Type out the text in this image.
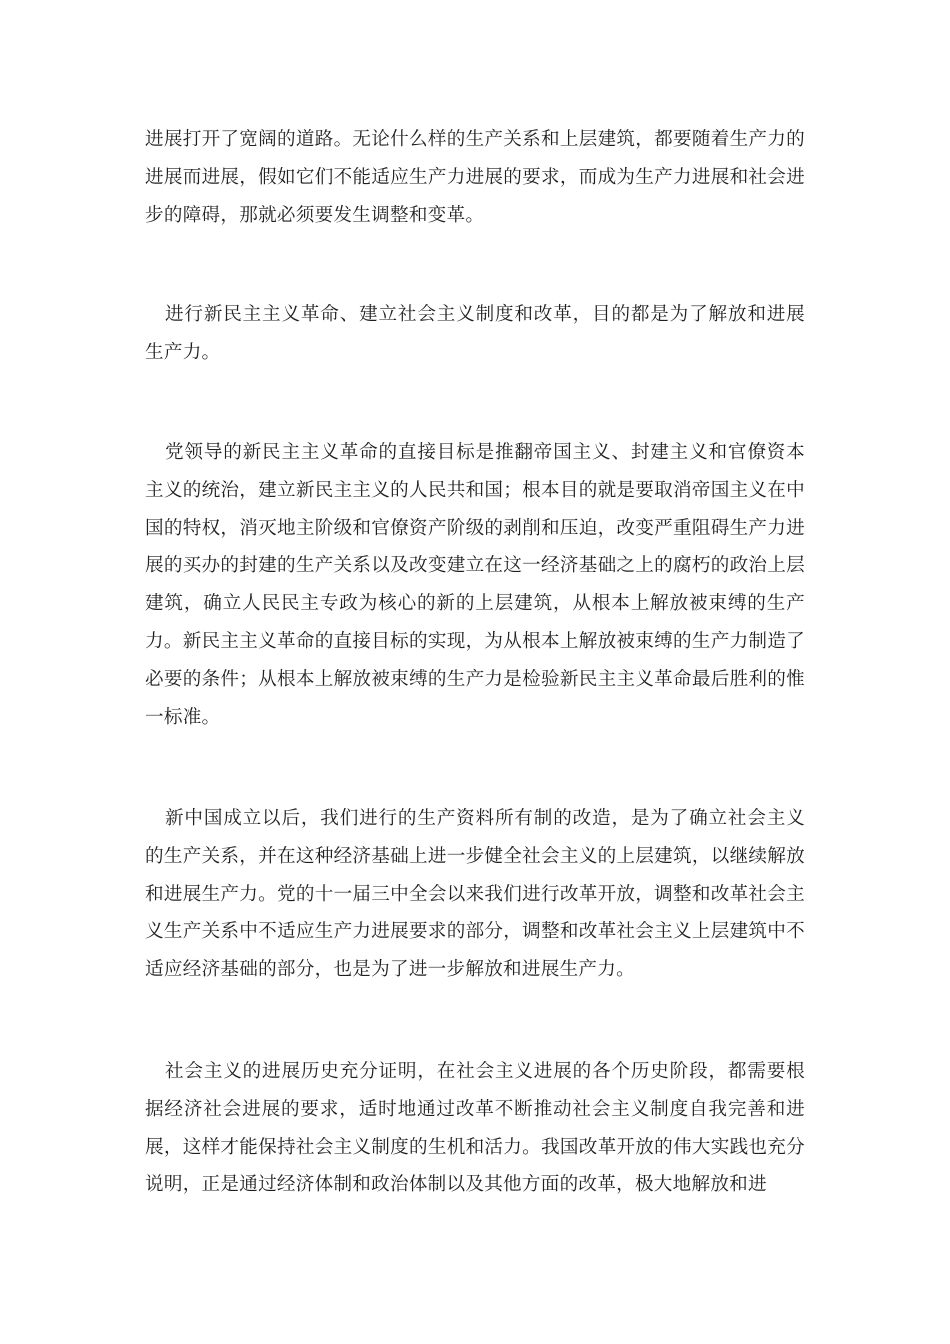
进展打开了宽阔的道路。无论什么样的生产关系和上层建筑，都要随着生产力的进展而进展，假如它们不能适应生产力进展的要求，而成为生产力进展和社会进步的障碍，那就必须要发生调整和变革。

进行新民主主义革命、建立社会主义制度和改革，目的都是为了解放和进展生产力。

党领导的新民主主义革命的直接目标是推翻帝国主义、封建主义和官僚资本主义的统治，建立新民主主义的人民共和国；根本目的就是要取消帝国主义在中国的特权，消灭地主阶级和官僚资产阶级的剥削和压迫，改变严重阻碍生产力进展的买办的封建的生产关系以及改变建立在这一经济基础之上的腐朽的政治上层建筑，确立人民民主专政为核心的新的上层建筑，从根本上解放被束缚的生产力。新民主主义革命的直接目标的实现，为从根本上解放被束缚的生产力制造了必要的条件；从根本上解放被束缚的生产力是检验新民主主义革命最后胜利的惟一标准。

新中国成立以后，我们进行的生产资料所有制的改造，是为了确立社会主义的生产关系，并在这种经济基础上进一步健全社会主义的上层建筑，以继续解放和进展生产力。党的十一届三中全会以来我们进行改革开放，调整和改革社会主义生产关系中不适应生产力进展要求的部分，调整和改革社会主义上层建筑中不适应经济基础的部分，也是为了进一步解放和进展生产力。

社会主义的进展历史充分证明，在社会主义进展的各个历史阶段，都需要根据经济社会进展的要求，适时地通过改革不断推动社会主义制度自我完善和进展，这样才能保持社会主义制度的生机和活力。我国改革开放的伟大实践也充分说明，正是通过经济体制和政治体制以及其他方面的改革，极大地解放和进
